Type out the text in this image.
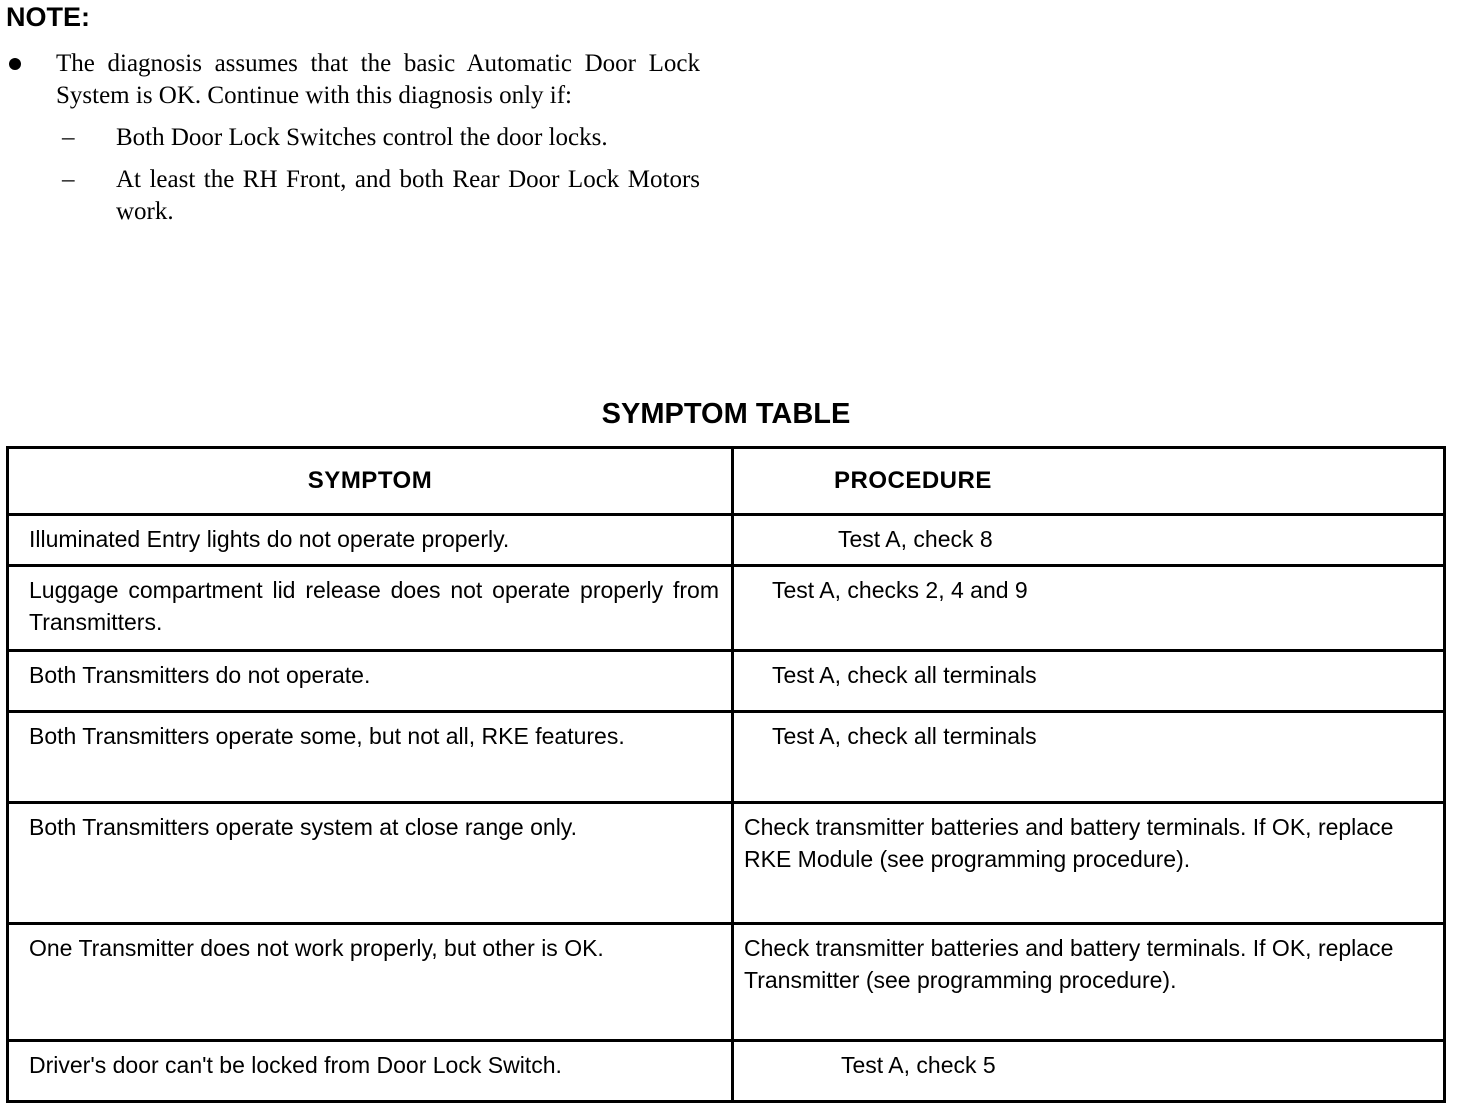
NOTE:
The diagnosis assumes that the basic Automatic Door Lock System is OK. Continue with this diagnosis only if:
– Both Door Lock Switches control the door locks.
– At least the RH Front, and both Rear Door Lock Motors work.
SYMPTOM TABLE
SYMPTOM	PROCEDURE
Illuminated Entry lights do not operate properly.	Test A, check 8
Luggage compartment lid release does not operate properly from Transmitters.	Test A, checks 2, 4 and 9
Both Transmitters do not operate.	Test A, check all terminals
Both Transmitters operate some, but not all, RKE features.	Test A, check all terminals
Both Transmitters operate system at close range only.	Check transmitter batteries and battery terminals. If OK, replace RKE Module (see programming procedure).
One Transmitter does not work properly, but other is OK.	Check transmitter batteries and battery terminals. If OK, replace Transmitter (see programming procedure).
Driver's door can't be locked from Door Lock Switch.	Test A, check 5
